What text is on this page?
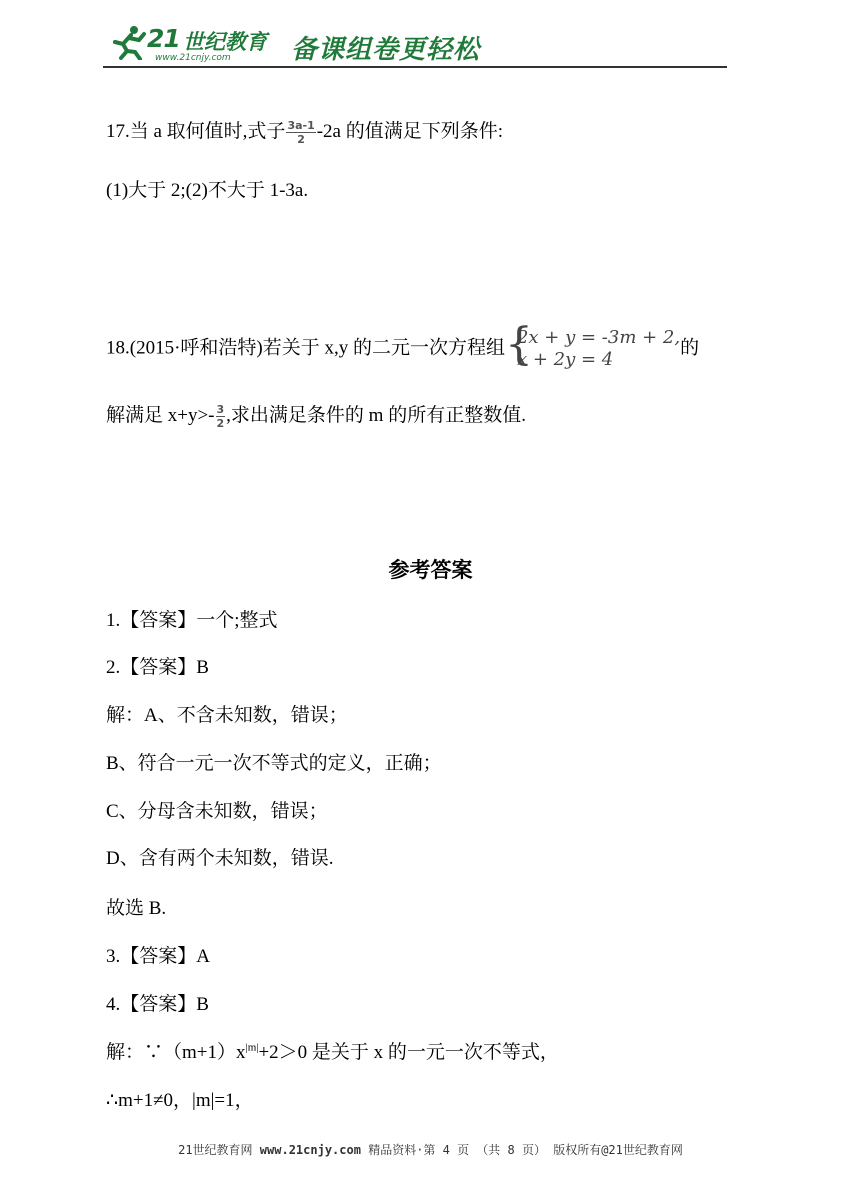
21 世纪教育
www.21cnjy.com 备课组卷更轻松
17.当 a 取何值时,式子 $\frac{3a-1}{2} -2a$ 的值满足下列条件:
(1)大于 2;(2)不大于 1-3a.
18.(2015·呼和浩特)若关于 x,y 的二元一次方程组 {
2x + y = -3m + 2,
x + 2y = 4
的
解满足 $x+y>- \frac{3}{2}$ ,求出满足条件的 m 的所有正整数值.
参考答案
1.【答案】一个;整式
2.【答案】B
解：A、不含未知数，错误；
B、符合一元一次不等式的定义，正确；
C、分母含未知数，错误；
D、含有两个未知数，错误.
故选 B.
3.【答案】A
4.【答案】B
解：$\because(m+1)x^{|m|}+2>0$ 是关于 x 的一元一次不等式，
∴m+1≠0，|m|=1，
21世纪教育网 www.21cnjy.com 精品资料·第 4 页 （共 8 页） 版权所有@21世纪教育网
